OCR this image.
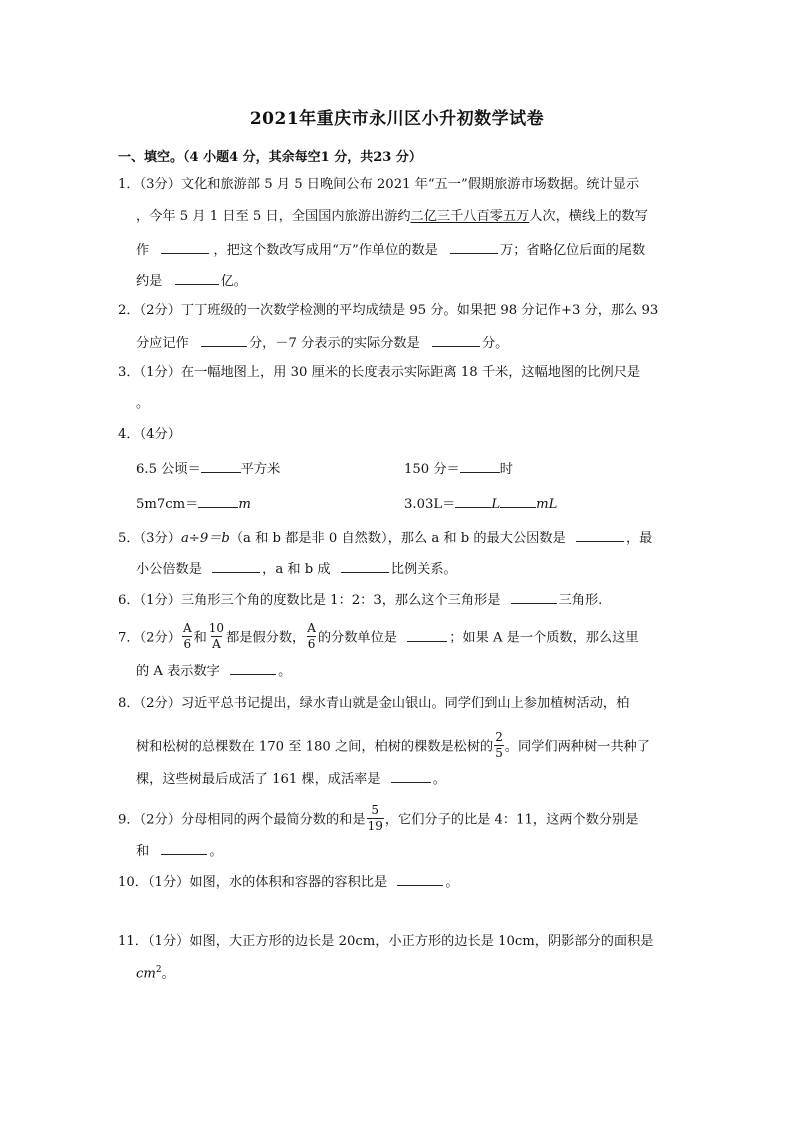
2021年重庆市永川区小升初数学试卷
一、填空。（4 小题4 分，其余每空1 分，共23 分）
1．（3分）文化和旅游部 5 月 5 日晚间公布 2021 年“五一”假期旅游市场数据。统计显示
，今年 5 月 1 日至 5 日，全国国内旅游出游约二亿三千八百零五万人次，横线上的数写
作	，把这个数改写成用“万”作单位的数是	万；省略亿位后面的尾数
约是	亿。
2．（2分）丁丁班级的一次数学检测的平均成绩是 95 分。如果把 98 分记作+3 分，那么 93
分应记作	分，－7 分表示的实际分数是	分。
3．（1分）在一幅地图上，用 30 厘米的长度表示实际距离 18 千米，这幅地图的比例尺是
。
4．（4分）
6.5 公顷＝	平方米	150 分＝	时
5m7cm＝	m	3.03L＝	L	mL
5．（3分）a÷9＝b（a 和 b 都是非 0 自然数），那么 a 和 b 的最大公因数是	，最
小公倍数是	，a 和 b 成	比例关系。
6．（1分）三角形三个角的度数比是 1：2：3，那么这个三角形是	三角形.
7．（2分） $\frac{A}{6}$ 和 $\frac{10}{A}$ 都是假分数， $\frac{A}{6}$ 的分数单位是	；如果 A 是一个质数，那么这里
的 A 表示数字	。
8．（2分）习近平总书记提出，绿水青山就是金山银山。同学们到山上参加植树活动，柏
树和松树的总棵数在 170 至 180 之间，柏树的棵数是松树的 $\frac{2}{5}$ 。同学们两种树一共种了
棵，这些树最后成活了 161 棵，成活率是	。
9．（2分）分母相同的两个最简分数的和是 $\frac{5}{19}$ ，它们分子的比是 4：11，这两个数分别是
和	。
10．（1分）如图，水的体积和容器的容积比是	。
11．（1分）如图，大正方形的边长是 20cm，小正方形的边长是 10cm，阴影部分的面积是
$cm^2$。
